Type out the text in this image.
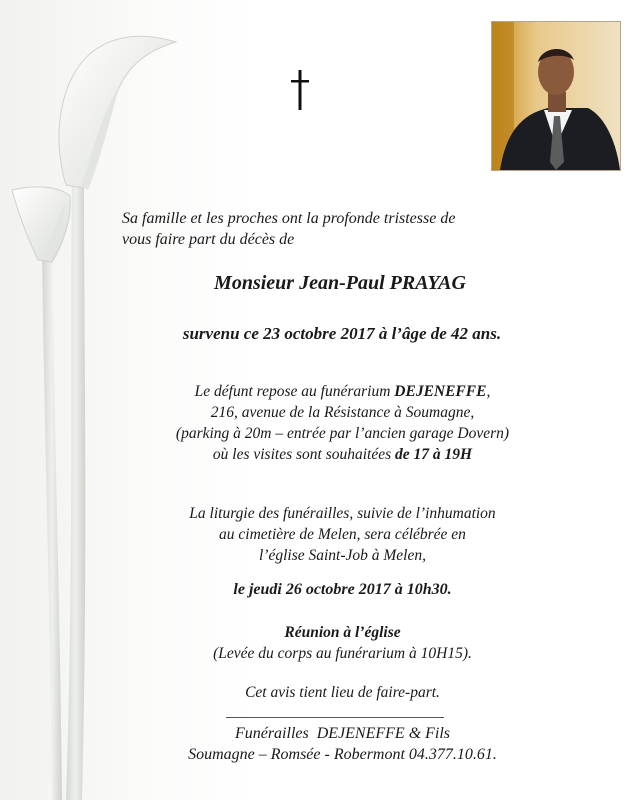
Sa famille et les proches ont la profonde tristesse de
vous faire part du décès de
Monsieur Jean-Paul PRAYAG
survenu ce 23 octobre 2017 à l’âge de 42 ans.
Le défunt repose au funérarium DEJENEFFE,
216, avenue de la Résistance à Soumagne,
(parking à 20m – entrée par l’ancien garage Dovern)
où les visites sont souhaitées de 17 à 19H
La liturgie des funérailles, suivie de l’inhumation
au cimetière de Melen, sera célébrée en
l’église Saint-Job à Melen,
le jeudi 26 octobre 2017 à 10h30.
Réunion à l’église
(Levée du corps au funérarium à 10H15).
Cet avis tient lieu de faire-part.
Funérailles  DEJENEFFE & Fils
Soumagne – Romsée - Robermont 04.377.10.61.
